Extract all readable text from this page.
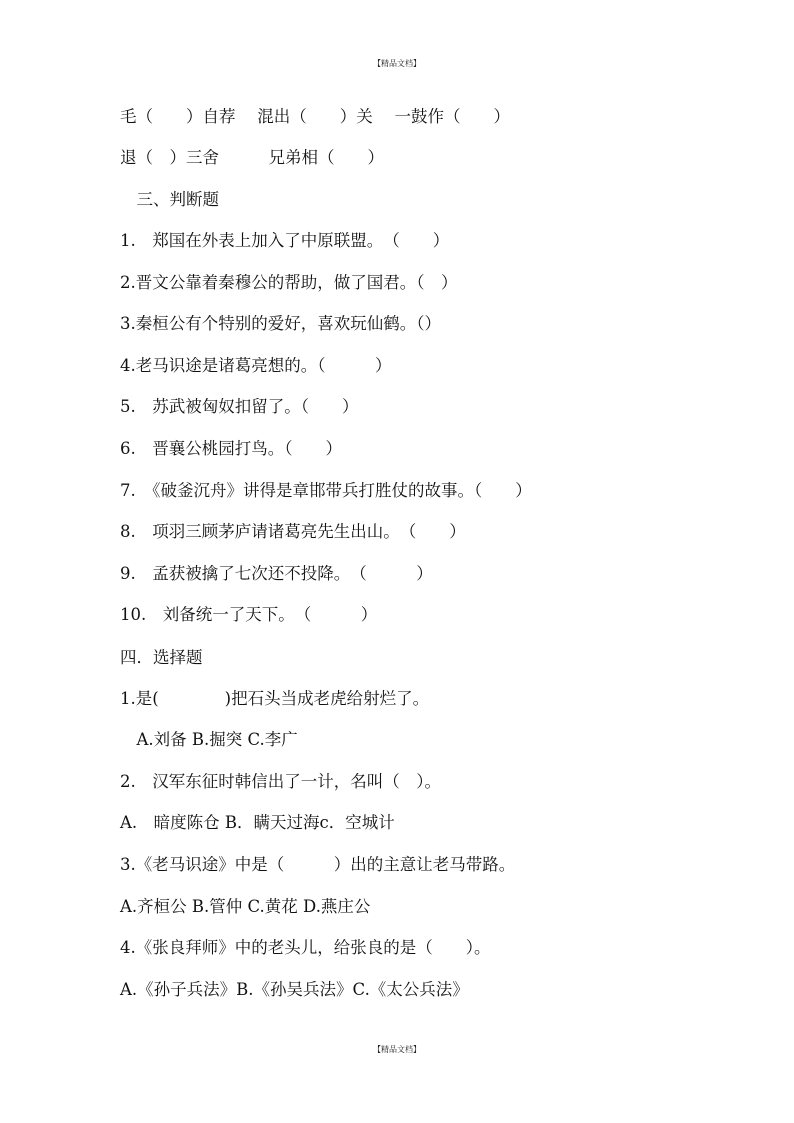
【精品文档】
毛（　　）自荐　 混出（　　）关　 一鼓作（　　）
退（　）三舍　　　兄弟相（　　）
　三、判断题
1.　郑国在外表上加入了中原联盟。　（　　）
2.晋文公靠着秦穆公的帮助，做了国君。（　）
3.秦桓公有个特别的爱好，喜欢玩仙鹤。（）
4.老马识途是诸葛亮想的。（　　　）
5.　苏武被匈奴扣留了。（　　）
6.　晋襄公桃园打鸟。（　　）
7.　《破釜沉舟》讲得是章邯带兵打胜仗的故事。（　　）
8.　项羽三顾茅庐请诸葛亮先生出山。　（　　）
9.　孟获被擒了七次还不投降。　（　　　）
10.　刘备统一了天下。　（　　　）
四．选择题
1.是(　　　　)把石头当成老虎给射烂了。
　A.刘备 B.掘突 C.李广
2.　汉军东征时韩信出了一计，名叫（　）。
A.　暗度陈仓 B．瞒天过海c．空城计
3.《老马识途》中是（　　　）出的主意让老马带路。
A.齐桓公 B.管仲 C.黄花 D.燕庄公
4.《张良拜师》中的老头儿，给张良的是（　　）。
A.《孙子兵法》B.《孙吴兵法》C.《太公兵法》
【精品文档】
